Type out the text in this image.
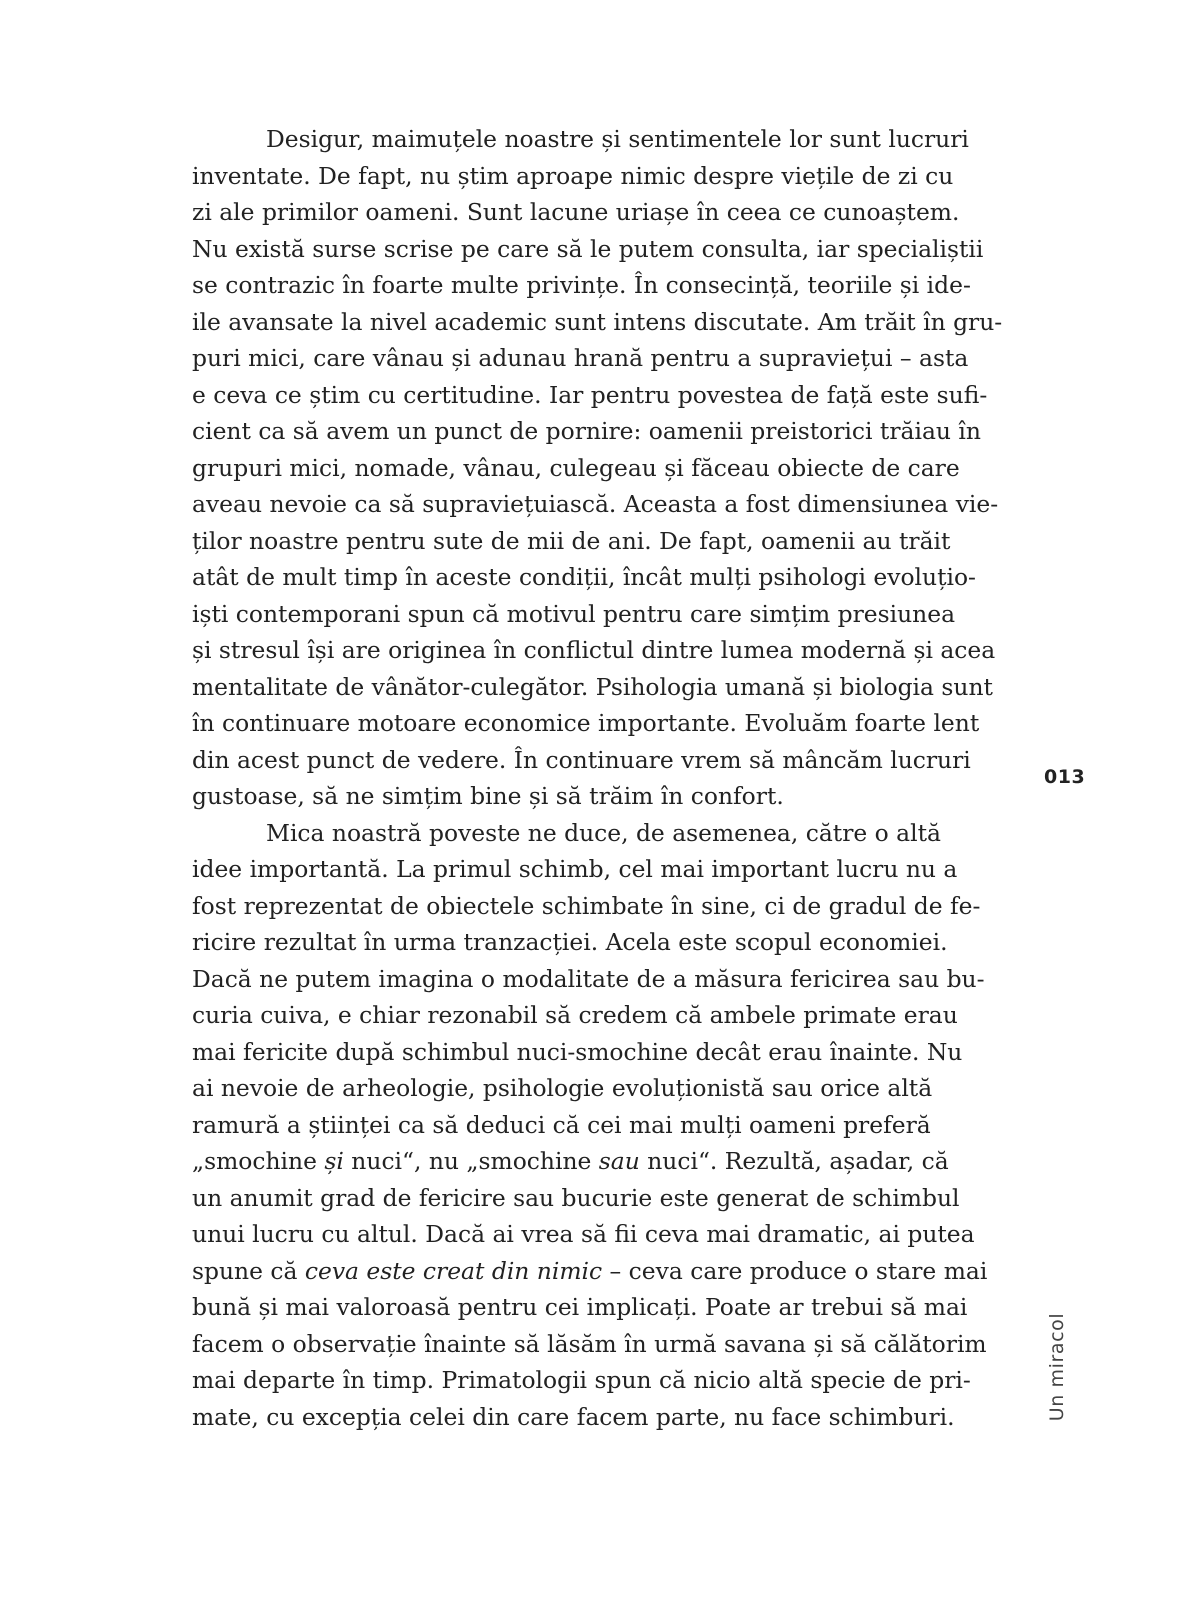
Desigur, maimuțele noastre și sentimentele lor sunt lucruri
inventate. De fapt, nu știm aproape nimic despre viețile de zi cu
zi ale primilor oameni. Sunt lacune uriașe în ceea ce cunoaștem.
Nu există surse scrise pe care să le putem consulta, iar specialiștii
se contrazic în foarte multe privințe. În consecință, teoriile și ide-
ile avansate la nivel academic sunt intens discutate. Am trăit în gru-
puri mici, care vânau și adunau hrană pentru a supraviețui – asta
e ceva ce știm cu certitudine. Iar pentru povestea de față este sufi-
cient ca să avem un punct de pornire: oamenii preistorici trăiau în
grupuri mici, nomade, vânau, culegeau și făceau obiecte de care
aveau nevoie ca să supraviețuiască. Aceasta a fost dimensiunea vie-
ților noastre pentru sute de mii de ani. De fapt, oamenii au trăit
atât de mult timp în aceste condiții, încât mulți psihologi evoluțio-
iști contemporani spun că motivul pentru care simțim presiunea
și stresul își are originea în conflictul dintre lumea modernă și acea
mentalitate de vânător-culegător. Psihologia umană și biologia sunt
în continuare motoare economice importante. Evoluăm foarte lent
din acest punct de vedere. În continuare vrem să mâncăm lucruri
gustoase, să ne simțim bine și să trăim în confort.

Mica noastră poveste ne duce, de asemenea, către o altă
idee importantă. La primul schimb, cel mai important lucru nu a
fost reprezentat de obiectele schimbate în sine, ci de gradul de fe-
ricire rezultat în urma tranzacției. Acela este scopul economiei.
Dacă ne putem imagina o modalitate de a măsura fericirea sau bu-
curia cuiva, e chiar rezonabil să credem că ambele primate erau
mai fericite după schimbul nuci-smochine decât erau înainte. Nu
ai nevoie de arheologie, psihologie evoluționistă sau orice altă
ramură a științei ca să deduci că cei mai mulți oameni preferă
„smochine și nuci“, nu „smochine sau nuci“. Rezultă, așadar, că
un anumit grad de fericire sau bucurie este generat de schimbul
unui lucru cu altul. Dacă ai vrea să fii ceva mai dramatic, ai putea
spune că ceva este creat din nimic – ceva care produce o stare mai
bună și mai valoroasă pentru cei implicați. Poate ar trebui să mai
facem o observație înainte să lăsăm în urmă savana și să călătorim
mai departe în timp. Primatologii spun că nicio altă specie de pri-
mate, cu excepția celei din care facem parte, nu face schimburi.

013
Un miracol
